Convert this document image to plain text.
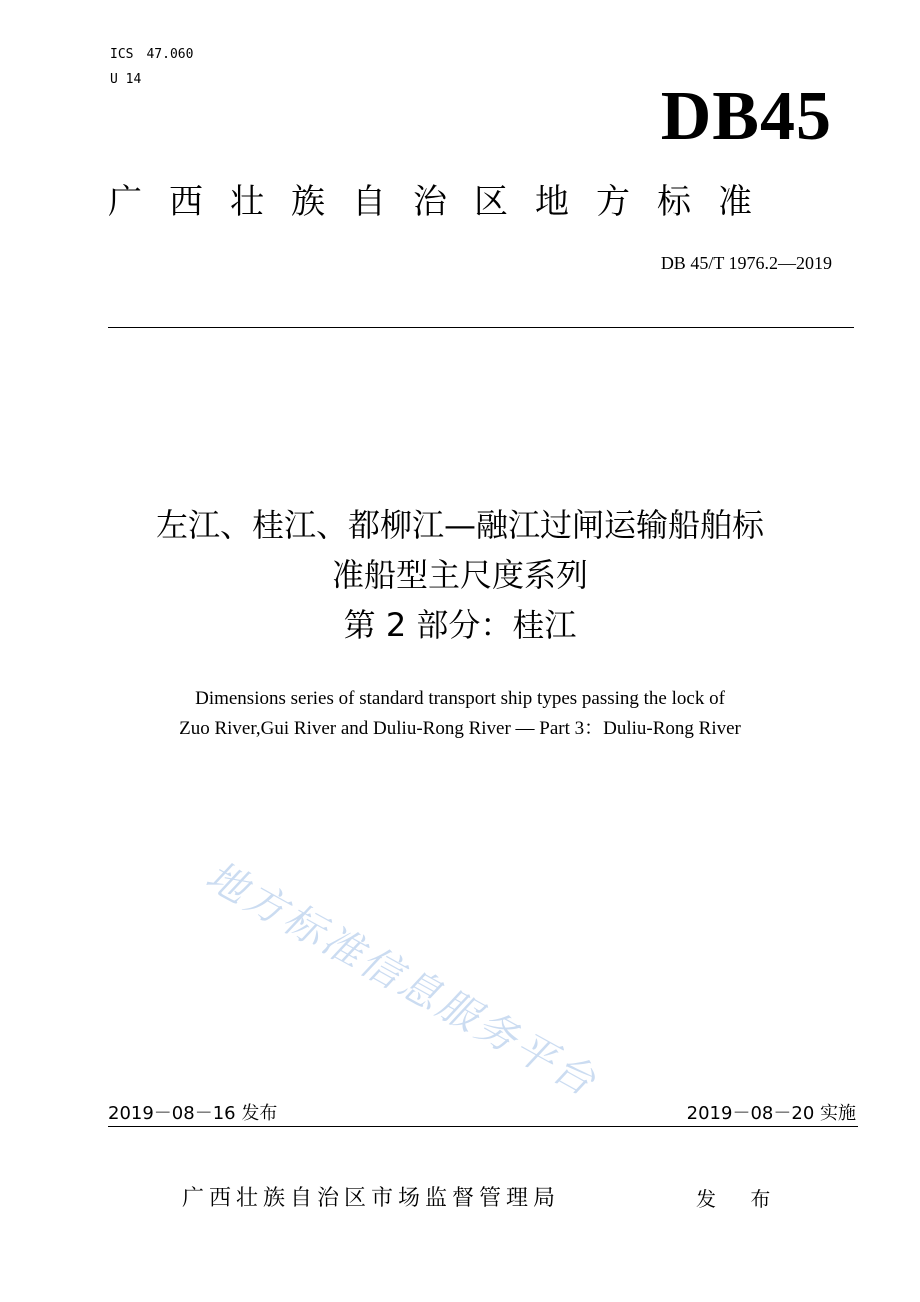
ICS　47.060
U 14	DB45
广西壮族自治区地方标准
DB 45/T 1976.2—2019
左江、桂江、都柳江—融江过闸运输船舶标
准船型主尺度系列
第 2 部分：桂江
Dimensions series of standard transport ship types passing the lock of
Zuo River,Gui River and Duliu-Rong River — Part 3：Duliu-Rong River
地方标准信息服务平台
2019－08－16 发布	2019－08－20 实施
广西壮族自治区市场监督管理局	发 布
